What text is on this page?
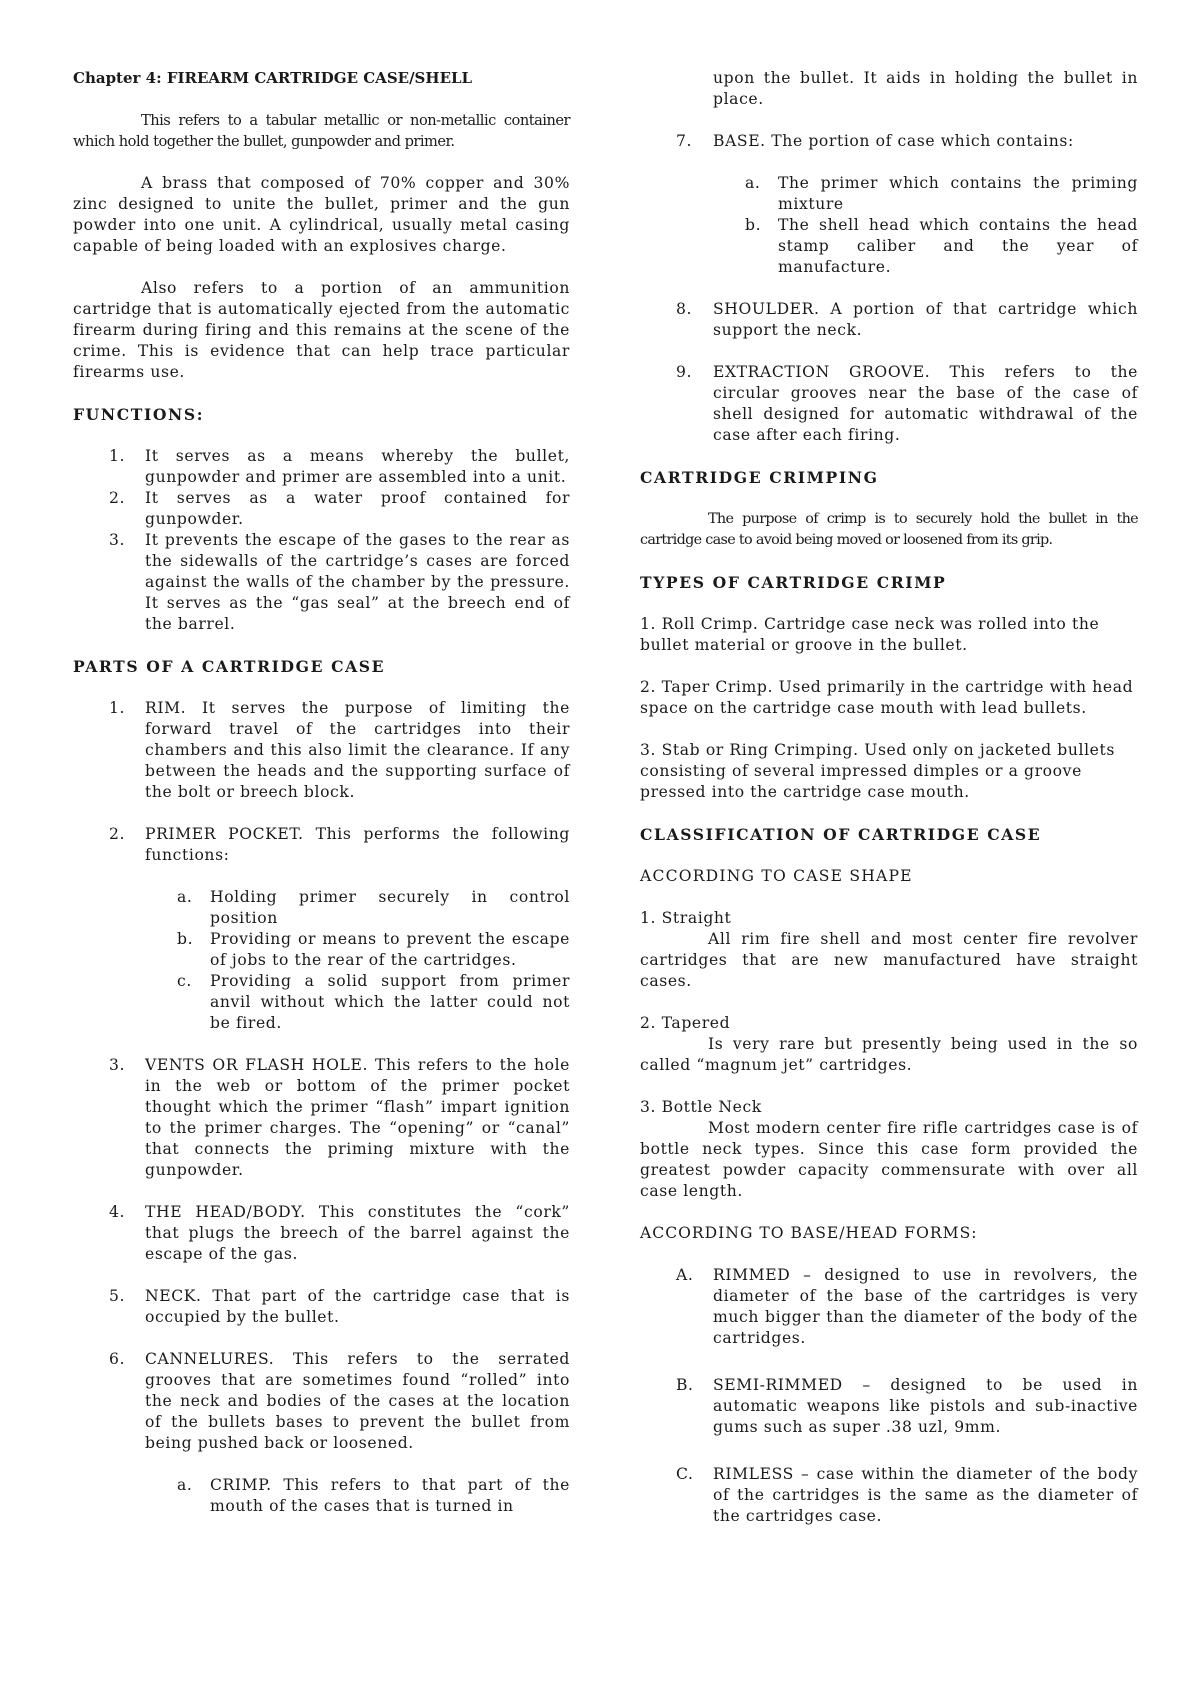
Chapter 4: FIREARM CARTRIDGE CASE/SHELL

This refers to a tabular metallic or non-metallic container which hold together the bullet, gunpowder and primer.

A brass that composed of 70% copper and 30% zinc designed to unite the bullet, primer and the gun powder into one unit. A cylindrical, usually metal casing capable of being loaded with an explosives charge.

Also refers to a portion of an ammunition cartridge that is automatically ejected from the automatic firearm during firing and this remains at the scene of the crime. This is evidence that can help trace particular firearms use.

FUNCTIONS:

1. It serves as a means whereby the bullet, gunpowder and primer are assembled into a unit.
2. It serves as a water proof contained for gunpowder.
3. It prevents the escape of the gases to the rear as the sidewalls of the cartridge’s cases are forced against the walls of the chamber by the pressure. It serves as the “gas seal” at the breech end of the barrel.

PARTS OF A CARTRIDGE CASE

1. RIM. It serves the purpose of limiting the forward travel of the cartridges into their chambers and this also limit the clearance. If any between the heads and the supporting surface of the bolt or breech block.
2. PRIMER POCKET. This performs the following functions:
a. Holding primer securely in control position
b. Providing or means to prevent the escape of jobs to the rear of the cartridges.
c. Providing a solid support from primer anvil without which the latter could not be fired.
3. VENTS OR FLASH HOLE. This refers to the hole in the web or bottom of the primer pocket thought which the primer “flash” impart ignition to the primer charges. The “opening” or “canal” that connects the priming mixture with the gunpowder.
4. THE HEAD/BODY. This constitutes the “cork” that plugs the breech of the barrel against the escape of the gas.
5. NECK. That part of the cartridge case that is occupied by the bullet.
6. CANNELURES. This refers to the serrated grooves that are sometimes found “rolled” into the neck and bodies of the cases at the location of the bullets bases to prevent the bullet from being pushed back or loosened.
a. CRIMP. This refers to that part of the mouth of the cases that is turned in

upon the bullet. It aids in holding the bullet in place.

7. BASE. The portion of case which contains:
a. The primer which contains the priming mixture
b. The shell head which contains the head stamp caliber and the year of manufacture.
8. SHOULDER. A portion of that cartridge which support the neck.
9. EXTRACTION GROOVE. This refers to the circular grooves near the base of the case of shell designed for automatic withdrawal of the case after each firing.

CARTRIDGE CRIMPING

The purpose of crimp is to securely hold the bullet in the cartridge case to avoid being moved or loosened from its grip.

TYPES OF CARTRIDGE CRIMP

1. Roll Crimp. Cartridge case neck was rolled into the bullet material or groove in the bullet.

2. Taper Crimp. Used primarily in the cartridge with head space on the cartridge case mouth with lead bullets.

3. Stab or Ring Crimping. Used only on jacketed bullets consisting of several impressed dimples or a groove pressed into the cartridge case mouth.

CLASSIFICATION OF CARTRIDGE CASE

ACCORDING TO CASE SHAPE

1. Straight

All rim fire shell and most center fire revolver cartridges that are new manufactured have straight cases.

2. Tapered

Is very rare but presently being used in the so called “magnum jet” cartridges.

3. Bottle Neck

Most modern center fire rifle cartridges case is of bottle neck types. Since this case form provided the greatest powder capacity commensurate with over all case length.

ACCORDING TO BASE/HEAD FORMS:

A. RIMMED – designed to use in revolvers, the diameter of the base of the cartridges is very much bigger than the diameter of the body of the cartridges.
B. SEMI-RIMMED – designed to be used in automatic weapons like pistols and sub-inactive gums such as super .38 uzl, 9mm.
C. RIMLESS – case within the diameter of the body of the cartridges is the same as the diameter of the cartridges case.
